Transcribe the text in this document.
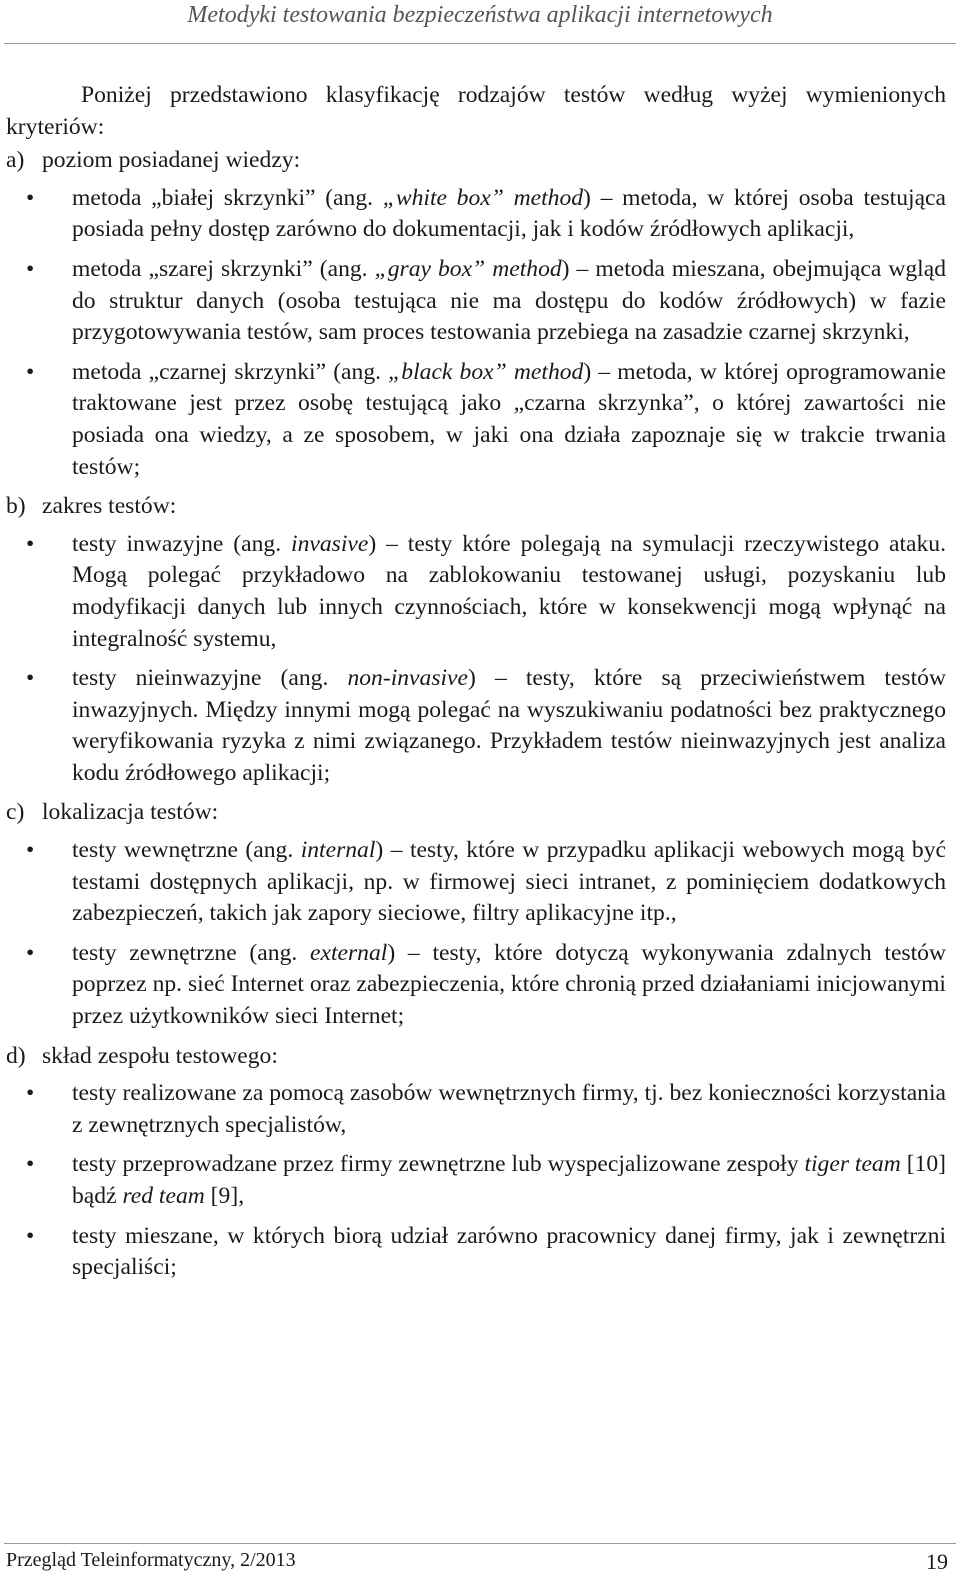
Metodyki testowania bezpieczeństwa aplikacji internetowych

Poniżej przedstawiono klasyfikację rodzajów testów według wyżej wymienionych kryteriów:

a) poziom posiadanej wiedzy:
• metoda „białej skrzynki” (ang. „white box” method) – metoda, w której osoba testująca posiada pełny dostęp zarówno do dokumentacji, jak i kodów źródłowych aplikacji,
• metoda „szarej skrzynki” (ang. „gray box” method) – metoda mieszana, obejmująca wgląd do struktur danych (osoba testująca nie ma dostępu do kodów źródłowych) w fazie przygotowywania testów, sam proces testowania przebiega na zasadzie czarnej skrzynki,
• metoda „czarnej skrzynki” (ang. „black box” method) – metoda, w której oprogramowanie traktowane jest przez osobę testującą jako „czarna skrzynka”, o której zawartości nie posiada ona wiedzy, a ze sposobem, w jaki ona działa zapoznaje się w trakcie trwania testów;
b) zakres testów:
• testy inwazyjne (ang. invasive) – testy które polegają na symulacji rzeczywistego ataku. Mogą polegać przykładowo na zablokowaniu testowanej usługi, pozyskaniu lub modyfikacji danych lub innych czynnościach, które w konsekwencji mogą wpłynąć na integralność systemu,
• testy nieinwazyjne (ang. non-invasive) – testy, które są przeciwieństwem testów inwazyjnych. Między innymi mogą polegać na wyszukiwaniu podatności bez praktycznego weryfikowania ryzyka z nimi związanego. Przykładem testów nieinwazyjnych jest analiza kodu źródłowego aplikacji;
c) lokalizacja testów:
• testy wewnętrzne (ang. internal) – testy, które w przypadku aplikacji webowych mogą być testami dostępnych aplikacji, np. w firmowej sieci intranet, z pominięciem dodatkowych zabezpieczeń, takich jak zapory sieciowe, filtry aplikacyjne itp.,
• testy zewnętrzne (ang. external) – testy, które dotyczą wykonywania zdalnych testów poprzez np. sieć Internet oraz zabezpieczenia, które chronią przed działaniami inicjowanymi przez użytkowników sieci Internet;
d) skład zespołu testowego:
• testy realizowane za pomocą zasobów wewnętrznych firmy, tj. bez konieczności korzystania z zewnętrznych specjalistów,
• testy przeprowadzane przez firmy zewnętrzne lub wyspecjalizowane zespoły tiger team [10] bądź red team [9],
• testy mieszane, w których biorą udział zarówno pracownicy danej firmy, jak i zewnętrzni specjaliści;
Przegląd Teleinformatyczny, 2/2013	19
